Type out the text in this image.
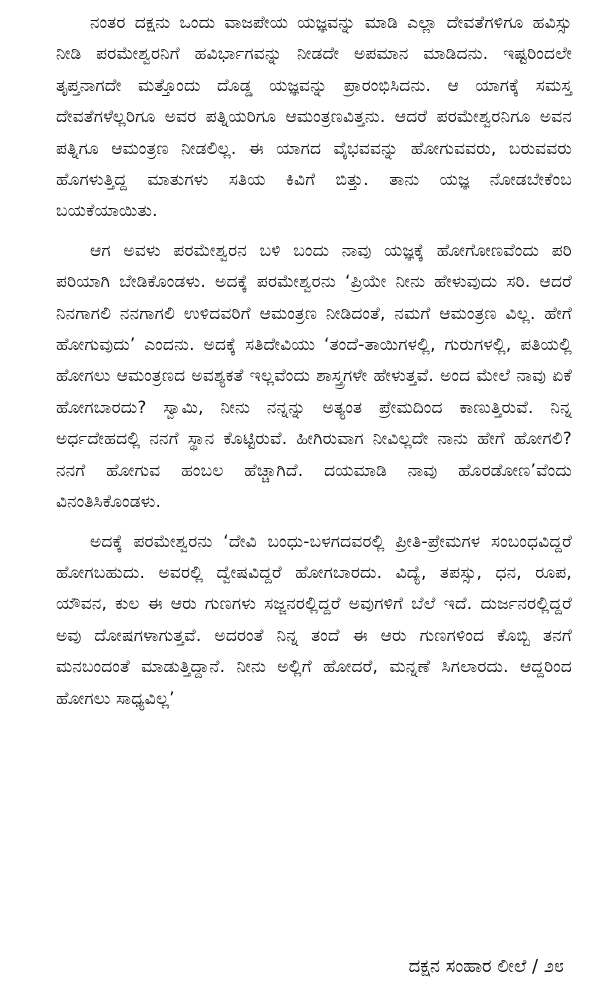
ನಂತರ ದಕ್ಷನು ಒಂದು ವಾಜಪೇಯ ಯಜ್ಞವನ್ನು ಮಾಡಿ ಎಲ್ಲಾ ದೇವತೆಗಳಿಗೂ ಹವಿಸ್ಸು ನೀಡಿ ಪರಮೇಶ್ವರನಿಗೆ ಹವಿರ್ಭಾಗವನ್ನು ನೀಡದೇ ಅಪಮಾನ ಮಾಡಿದನು. ಇಷ್ಟರಿಂದಲೇ ತೃಪ್ತನಾಗದೇ ಮತ್ತೊಂದು ದೊಡ್ಡ ಯಜ್ಞವನ್ನು ಪ್ರಾರಂಭಿಸಿದನು. ಆ ಯಾಗಕ್ಕೆ ಸಮಸ್ತ ದೇವತೆಗಳೆಲ್ಲರಿಗೂ ಅವರ ಪತ್ನಿಯರಿಗೂ ಆಮಂತ್ರಣವಿತ್ತನು. ಆದರೆ ಪರಮೇಶ್ವರನಿಗೂ ಅವನ ಪತ್ನಿಗೂ ಆಮಂತ್ರಣ ನೀಡಲಿಲ್ಲ. ಈ ಯಾಗದ ವೈಭವವನ್ನು ಹೋಗುವವರು, ಬರುವವರು ಹೊಗಳುತ್ತಿದ್ದ ಮಾತುಗಳು ಸತಿಯ ಕಿವಿಗೆ ಬಿತ್ತು. ತಾನು ಯಜ್ಞ ನೋಡಬೇಕೆಂಬ ಬಯಕೆಯಾಯಿತು.

ಆಗ ಅವಳು ಪರಮೇಶ್ವರನ ಬಳಿ ಬಂದು ನಾವು ಯಜ್ಞಕ್ಕೆ ಹೋಗೋಣವೆಂದು ಪರಿ ಪರಿಯಾಗಿ ಬೇಡಿಕೊಂಡಳು. ಅದಕ್ಕೆ ಪರಮೇಶ್ವರನು ‘ಪ್ರಿಯೇ ನೀನು ಹೇಳುವುದು ಸರಿ. ಆದರೆ ನಿನಗಾಗಲಿ ನನಗಾಗಲಿ ಉಳಿದವರಿಗೆ ಆಮಂತ್ರಣ ನೀಡಿದಂತೆ, ನಮಗೆ ಆಮಂತ್ರಣ ವಿಲ್ಲ. ಹೇಗೆ ಹೋಗುವುದು’ ಎಂದನು. ಅದಕ್ಕೆ ಸತಿದೇವಿಯು ‘ತಂದೆ-ತಾಯಿಗಳಲ್ಲಿ, ಗುರುಗಳಲ್ಲಿ, ಪತಿಯಲ್ಲಿ ಹೋಗಲು ಆಮಂತ್ರಣದ ಅವಶ್ಯಕತೆ ಇಲ್ಲವೆಂದು ಶಾಸ್ತ್ರಗಳೇ ಹೇಳುತ್ತವೆ. ಅಂದ ಮೇಲೆ ನಾವು ಏಕೆ ಹೋಗಬಾರದು? ಸ್ವಾಮಿ, ನೀನು ನನ್ನನ್ನು ಅತ್ಯಂತ ಪ್ರೇಮದಿಂದ ಕಾಣುತ್ತಿರುವೆ. ನಿನ್ನ ಅರ್ಧದೇಹದಲ್ಲಿ ನನಗೆ ಸ್ಥಾನ ಕೊಟ್ಟಿರುವೆ. ಹೀಗಿರುವಾಗ ನೀವಿಲ್ಲದೇ ನಾನು ಹೇಗೆ ಹೋಗಲಿ? ನನಗೆ ಹೋಗುವ ಹಂಬಲ ಹೆಚ್ಚಾಗಿದೆ. ದಯಮಾಡಿ ನಾವು ಹೊರಡೋಣ’ವೆಂದು ವಿನಂತಿಸಿಕೊಂಡಳು.

ಅದಕ್ಕೆ ಪರಮೇಶ್ವರನು ‘ದೇವಿ ಬಂಧು-ಬಳಗದವರಲ್ಲಿ ಪ್ರೀತಿ-ಪ್ರೇಮಗಳ ಸಂಬಂಧವಿದ್ದರೆ ಹೋಗಬಹುದು. ಅವರಲ್ಲಿ ದ್ವೇಷವಿದ್ದರೆ ಹೋಗಬಾರದು. ವಿದ್ಯೆ, ತಪಸ್ಸು, ಧನ, ರೂಪ, ಯೌವನ, ಕುಲ ಈ ಆರು ಗುಣಗಳು ಸಜ್ಜನರಲ್ಲಿದ್ದರೆ ಅವುಗಳಿಗೆ ಬೆಲೆ ಇದೆ. ದುರ್ಜನರಲ್ಲಿದ್ದರೆ ಅವು ದೋಷಗಳಾಗುತ್ತವೆ. ಅದರಂತೆ ನಿನ್ನ ತಂದೆ ಈ ಆರು ಗುಣಗಳಿಂದ ಕೊಬ್ಬಿ ತನಗೆ ಮನಬಂದಂತೆ ಮಾಡುತ್ತಿದ್ದಾನೆ. ನೀನು ಅಲ್ಲಿಗೆ ಹೋದರೆ, ಮನ್ನಣೆ ಸಿಗಲಾರದು. ಆದ್ದರಿಂದ ಹೋಗಲು ಸಾಧ್ಯವಿಲ್ಲ’

ದಕ್ಷನ ಸಂಹಾರ ಲೀಲೆ / ೨೮
